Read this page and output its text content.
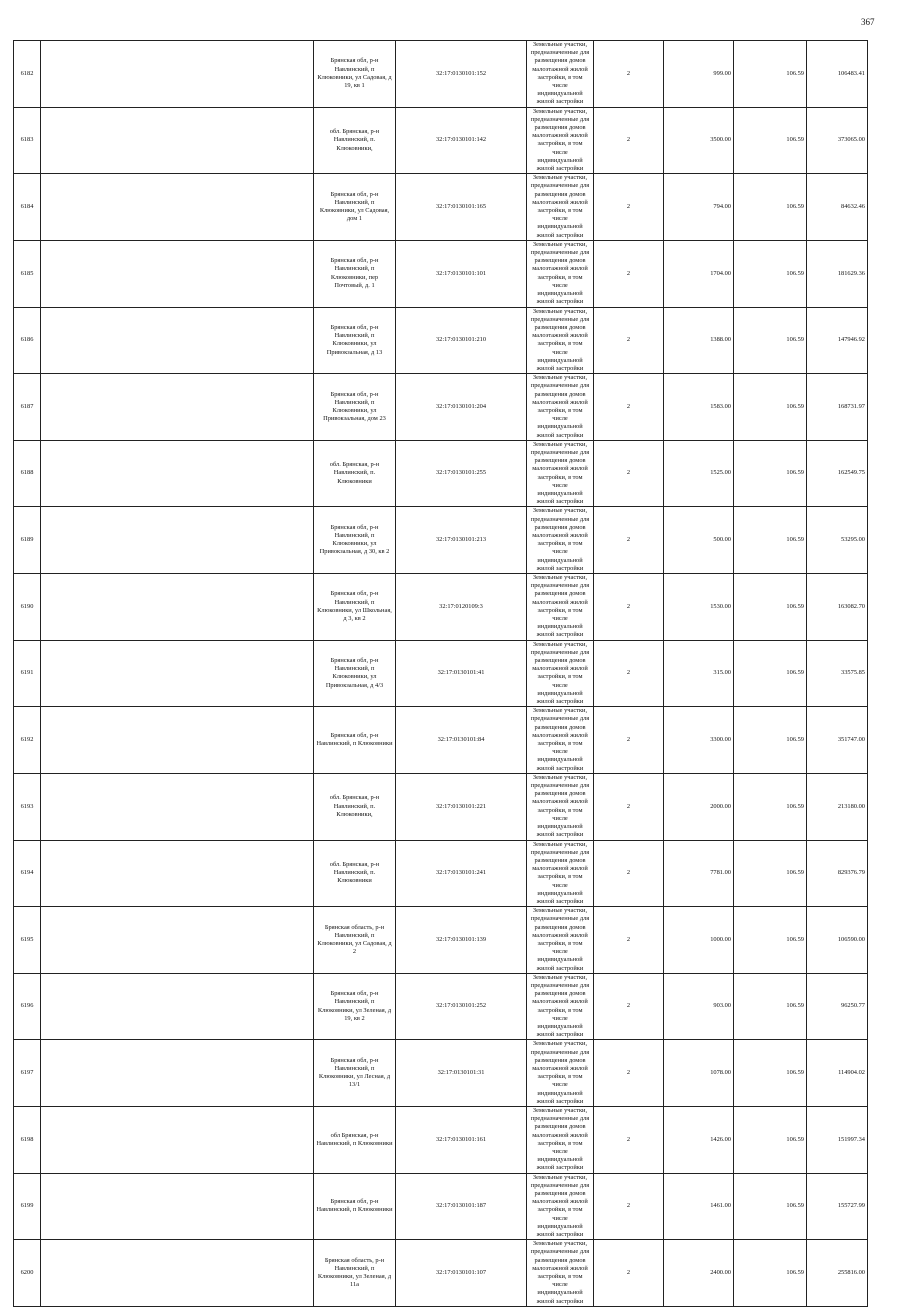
367
6182		Брянская обл, р-н Навлинский, п Клюковники, ул Садовая, д 19, кв 1	32:17:0130101:152	Земельные участки, предназначенные для размещения домов малоэтажной жилой застройки, в том числе индивидуальной жилой застройки	2	999.00	106.59	106483.41
6183		обл. Брянская, р-н Навлинский, п. Клюковники,	32:17:0130101:142	Земельные участки, предназначенные для размещения домов малоэтажной жилой застройки, в том числе индивидуальной жилой застройки	2	3500.00	106.59	373065.00
6184		Брянская обл, р-н Навлинский, п Клюковники, ул Садовая, дом 1	32:17:0130101:165	Земельные участки, предназначенные для размещения домов малоэтажной жилой застройки, в том числе индивидуальной жилой застройки	2	794.00	106.59	84632.46
6185		Брянская обл, р-н Навлинский, п Клюковники, пер Почтовый, д. 1	32:17:0130101:101	Земельные участки, предназначенные для размещения домов малоэтажной жилой застройки, в том числе индивидуальной жилой застройки	2	1704.00	106.59	181629.36
6186		Брянская обл, р-н Навлинский, п Клюковники, ул Привокзальная, д 13	32:17:0130101:210	Земельные участки, предназначенные для размещения домов малоэтажной жилой застройки, в том числе индивидуальной жилой застройки	2	1388.00	106.59	147946.92
6187		Брянская обл, р-н Навлинский, п Клюковники, ул Привокзальная, дом 23	32:17:0130101:204	Земельные участки, предназначенные для размещения домов малоэтажной жилой застройки, в том числе индивидуальной жилой застройки	2	1583.00	106.59	168731.97
6188		обл. Брянская, р-н Навлинский, п. Клюковники	32:17:0130101:255	Земельные участки, предназначенные для размещения домов малоэтажной жилой застройки, в том числе индивидуальной жилой застройки	2	1525.00	106.59	162549.75
6189		Брянская обл, р-н Навлинский, п Клюковники, ул Привокзальная, д 30, кв 2	32:17:0130101:213	Земельные участки, предназначенные для размещения домов малоэтажной жилой застройки, в том числе индивидуальной жилой застройки	2	500.00	106.59	53295.00
6190		Брянская обл, р-н Навлинский, п Клюковники, ул Школьная, д 3, кв 2	32:17:0120109:3	Земельные участки, предназначенные для размещения домов малоэтажной жилой застройки, в том числе индивидуальной жилой застройки	2	1530.00	106.59	163082.70
6191		Брянская обл, р-н Навлинский, п Клюковники, ул Привокзальная, д 4/3	32:17:0130101:41	Земельные участки, предназначенные для размещения домов малоэтажной жилой застройки, в том числе индивидуальной жилой застройки	2	315.00	106.59	33575.85
6192		Брянская обл, р-н Навлинский, п Клюковники	32:17:0130101:84	Земельные участки, предназначенные для размещения домов малоэтажной жилой застройки, в том числе индивидуальной жилой застройки	2	3300.00	106.59	351747.00
6193		обл. Брянская, р-н Навлинский, п. Клюковники,	32:17:0130101:221	Земельные участки, предназначенные для размещения домов малоэтажной жилой застройки, в том числе индивидуальной жилой застройки	2	2000.00	106.59	213180.00
6194		обл. Брянская, р-н Навлинский, п. Клюковники	32:17:0130101:241	Земельные участки, предназначенные для размещения домов малоэтажной жилой застройки, в том числе индивидуальной жилой застройки	2	7781.00	106.59	829376.79
6195		Брянская область, р-н Навлинский, п Клюковники, ул Садовая, д 2	32:17:0130101:139	Земельные участки, предназначенные для размещения домов малоэтажной жилой застройки, в том числе индивидуальной жилой застройки	2	1000.00	106.59	106590.00
6196		Брянская обл, р-н Навлинский, п Клюковники, ул Зеленая, д 19, кв 2	32:17:0130101:252	Земельные участки, предназначенные для размещения домов малоэтажной жилой застройки, в том числе индивидуальной жилой застройки	2	903.00	106.59	96250.77
6197		Брянская обл, р-н Навлинский, п Клюковники, ул Лесная, д 13/1	32:17:0130101:31	Земельные участки, предназначенные для размещения домов малоэтажной жилой застройки, в том числе индивидуальной жилой застройки	2	1078.00	106.59	114904.02
6198		обл Брянская, р-н Навлинский, п Клюковники	32:17:0130101:161	Земельные участки, предназначенные для размещения домов малоэтажной жилой застройки, в том числе индивидуальной жилой застройки	2	1426.00	106.59	151997.34
6199		Брянская обл, р-н Навлинский, п Клюковники	32:17:0130101:187	Земельные участки, предназначенные для размещения домов малоэтажной жилой застройки, в том числе индивидуальной жилой застройки	2	1461.00	106.59	155727.99
6200		Брянская область, р-н Навлинский, п Клюковники, ул Зеленая, д 11а	32:17:0130101:107	Земельные участки, предназначенные для размещения домов малоэтажной жилой застройки, в том числе индивидуальной жилой застройки	2	2400.00	106.59	255816.00
